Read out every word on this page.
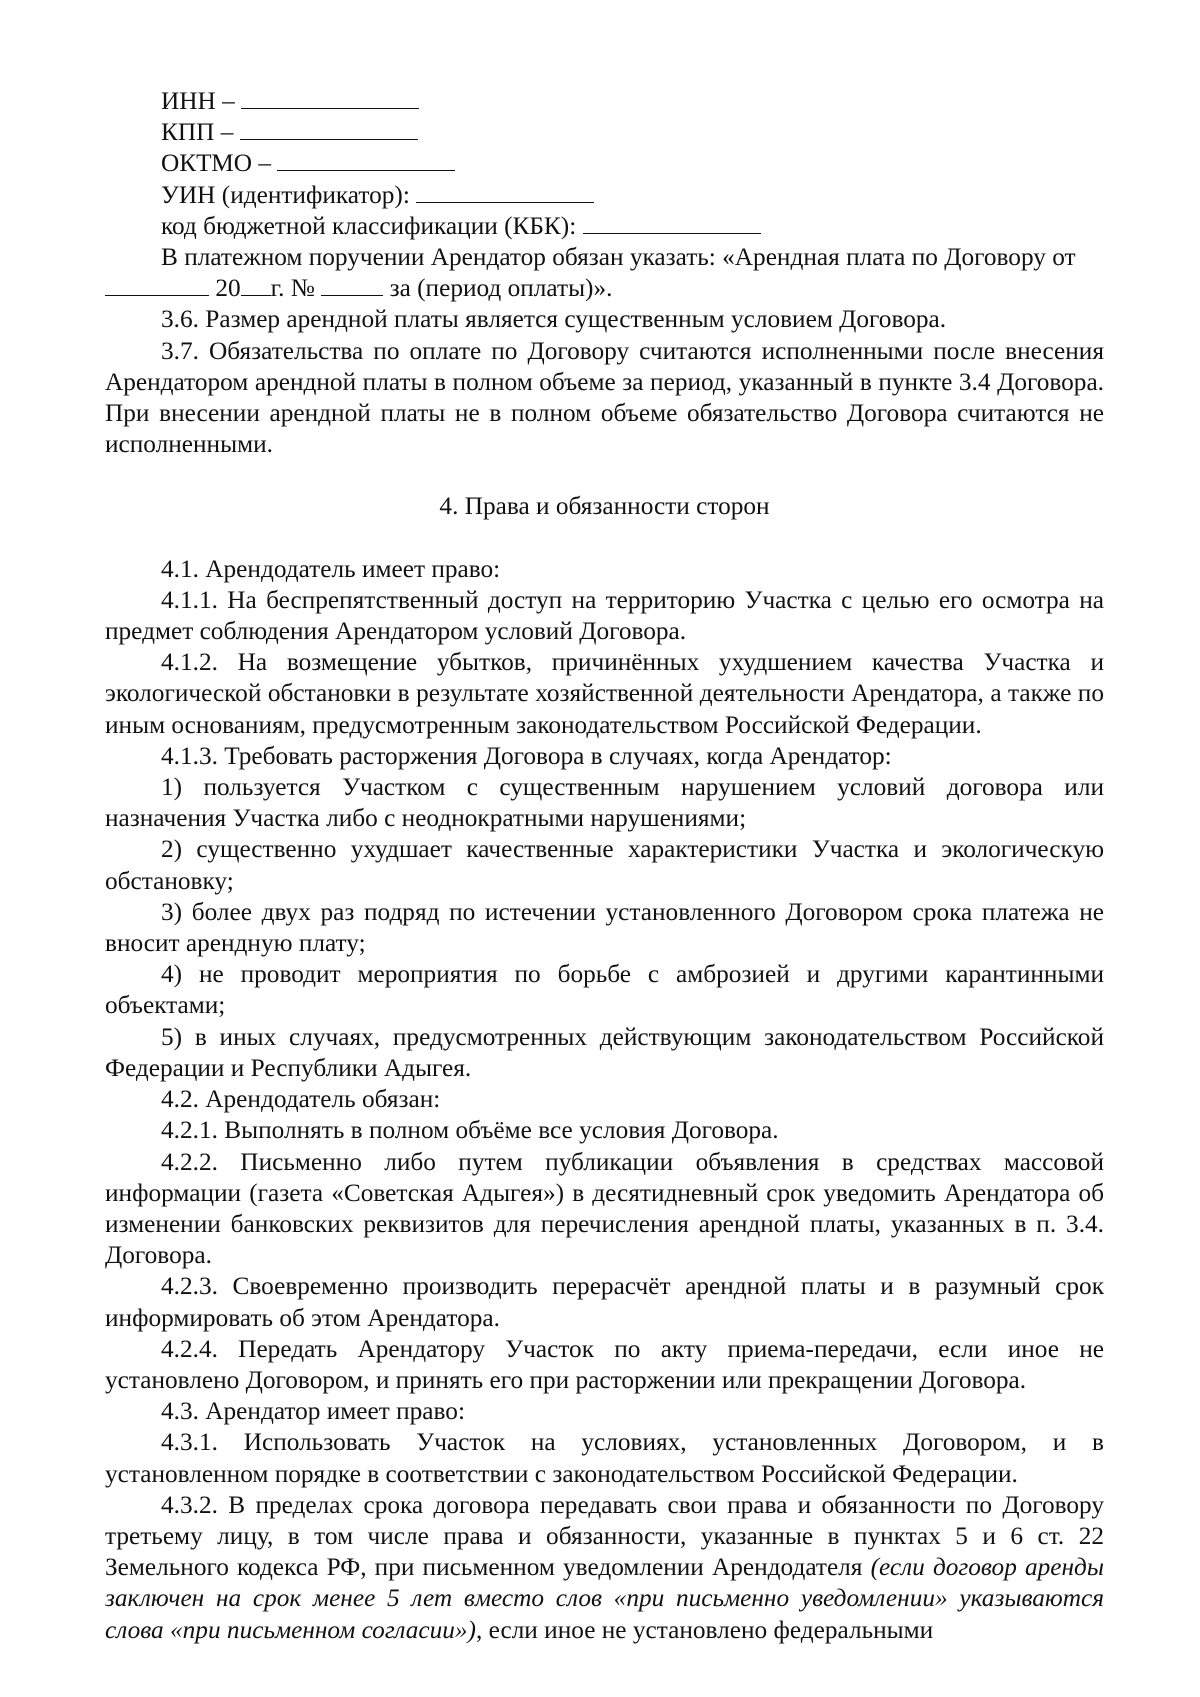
ИНН –

КПП –

ОКТМО –

УИН (идентификатор):

код бюджетной классификации (КБК):

В платежном поручении Арендатор обязан указать: «Арендная плата по Договору от

20 г. №  за (период оплаты)».

3.6. Размер арендной платы является существенным условием Договора.

3.7. Обязательства по оплате по Договору считаются исполненными после внесения Арендатором арендной платы в полном объеме за период, указанный в пункте 3.4 Договора. При внесении арендной платы не в полном объеме обязательство Договора считаются не исполненными.

4. Права и обязанности сторон

4.1. Арендодатель имеет право:

4.1.1. На беспрепятственный доступ на территорию Участка с целью его осмотра на предмет соблюдения Арендатором условий Договора.

4.1.2. На возмещение убытков, причинённых ухудшением качества Участка и экологической обстановки в результате хозяйственной деятельности Арендатора, а также по иным основаниям, предусмотренным законодательством Российской Федерации.

4.1.3. Требовать расторжения Договора в случаях, когда Арендатор:

1) пользуется Участком с существенным нарушением условий договора или назначения Участка либо с неоднократными нарушениями;

2) существенно ухудшает качественные характеристики Участка и экологическую обстановку;

3) более двух раз подряд по истечении установленного Договором срока платежа не вносит арендную плату;

4) не проводит мероприятия по борьбе с амброзией и другими карантинными объектами;

5) в иных случаях, предусмотренных действующим законодательством Российской Федерации и Республики Адыгея.

4.2. Арендодатель обязан:

4.2.1. Выполнять в полном объёме все условия Договора.

4.2.2. Письменно либо путем публикации объявления в средствах массовой информации (газета «Советская Адыгея») в десятидневный срок уведомить Арендатора об изменении банковских реквизитов для перечисления арендной платы, указанных в п. 3.4. Договора.

4.2.3. Своевременно производить перерасчёт арендной платы и в разумный срок информировать об этом Арендатора.

4.2.4. Передать Арендатору Участок по акту приема-передачи, если иное не установлено Договором, и принять его при расторжении или прекращении Договора.

4.3. Арендатор имеет право:

4.3.1. Использовать Участок на условиях, установленных Договором, и в установленном порядке в соответствии с законодательством Российской Федерации.

4.3.2. В пределах срока договора передавать свои права и обязанности по Договору третьему лицу, в том числе права и обязанности, указанные в пунктах 5 и 6 ст. 22 Земельного кодекса РФ, при письменном уведомлении Арендодателя (если договор аренды заключен на срок менее 5 лет вместо слов «при письменно уведомлении» указываются слова «при письменном согласии»), если иное не установлено федеральными
